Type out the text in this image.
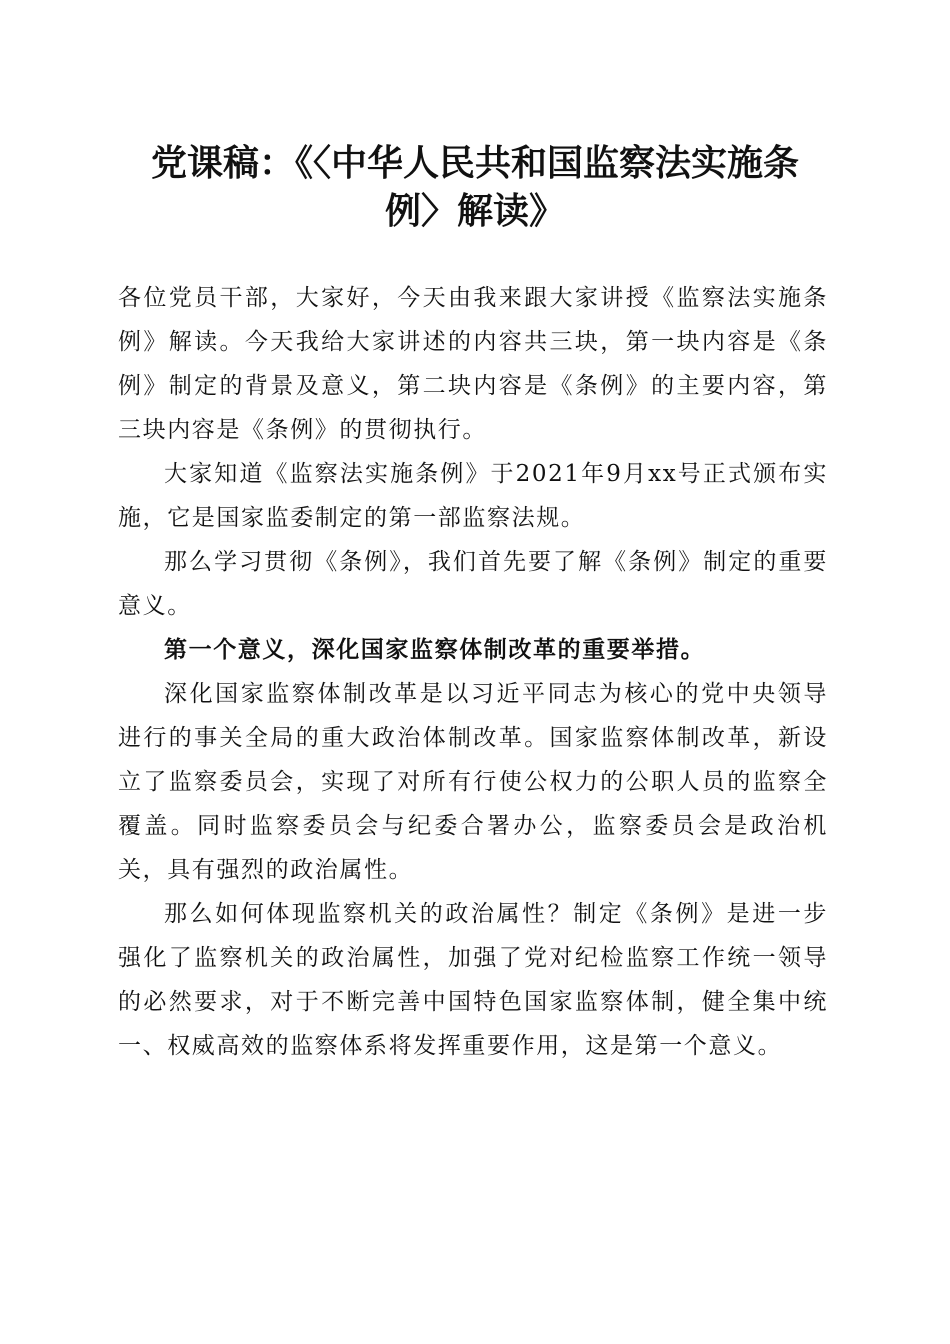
党课稿：《〈中华人民共和国监察法实施条
例〉解读》

各位党员干部，大家好，今天由我来跟大家讲授《监察法实施条例》解读。今天我给大家讲述的内容共三块，第一块内容是《条例》制定的背景及意义，第二块内容是《条例》的主要内容，第三块内容是《条例》的贯彻执行。

大家知道《监察法实施条例》于2021年9月xx号正式颁布实施，它是国家监委制定的第一部监察法规。

那么学习贯彻《条例》，我们首先要了解《条例》制定的重要意义。

第一个意义，深化国家监察体制改革的重要举措。

深化国家监察体制改革是以习近平同志为核心的党中央领导进行的事关全局的重大政治体制改革。国家监察体制改革，新设立了监察委员会，实现了对所有行使公权力的公职人员的监察全覆盖。同时监察委员会与纪委合署办公，监察委员会是政治机关，具有强烈的政治属性。

那么如何体现监察机关的政治属性？制定《条例》是进一步强化了监察机关的政治属性，加强了党对纪检监察工作统一领导的必然要求，对于不断完善中国特色国家监察体制，健全集中统一、权威高效的监察体系将发挥重要作用，这是第一个意义。
